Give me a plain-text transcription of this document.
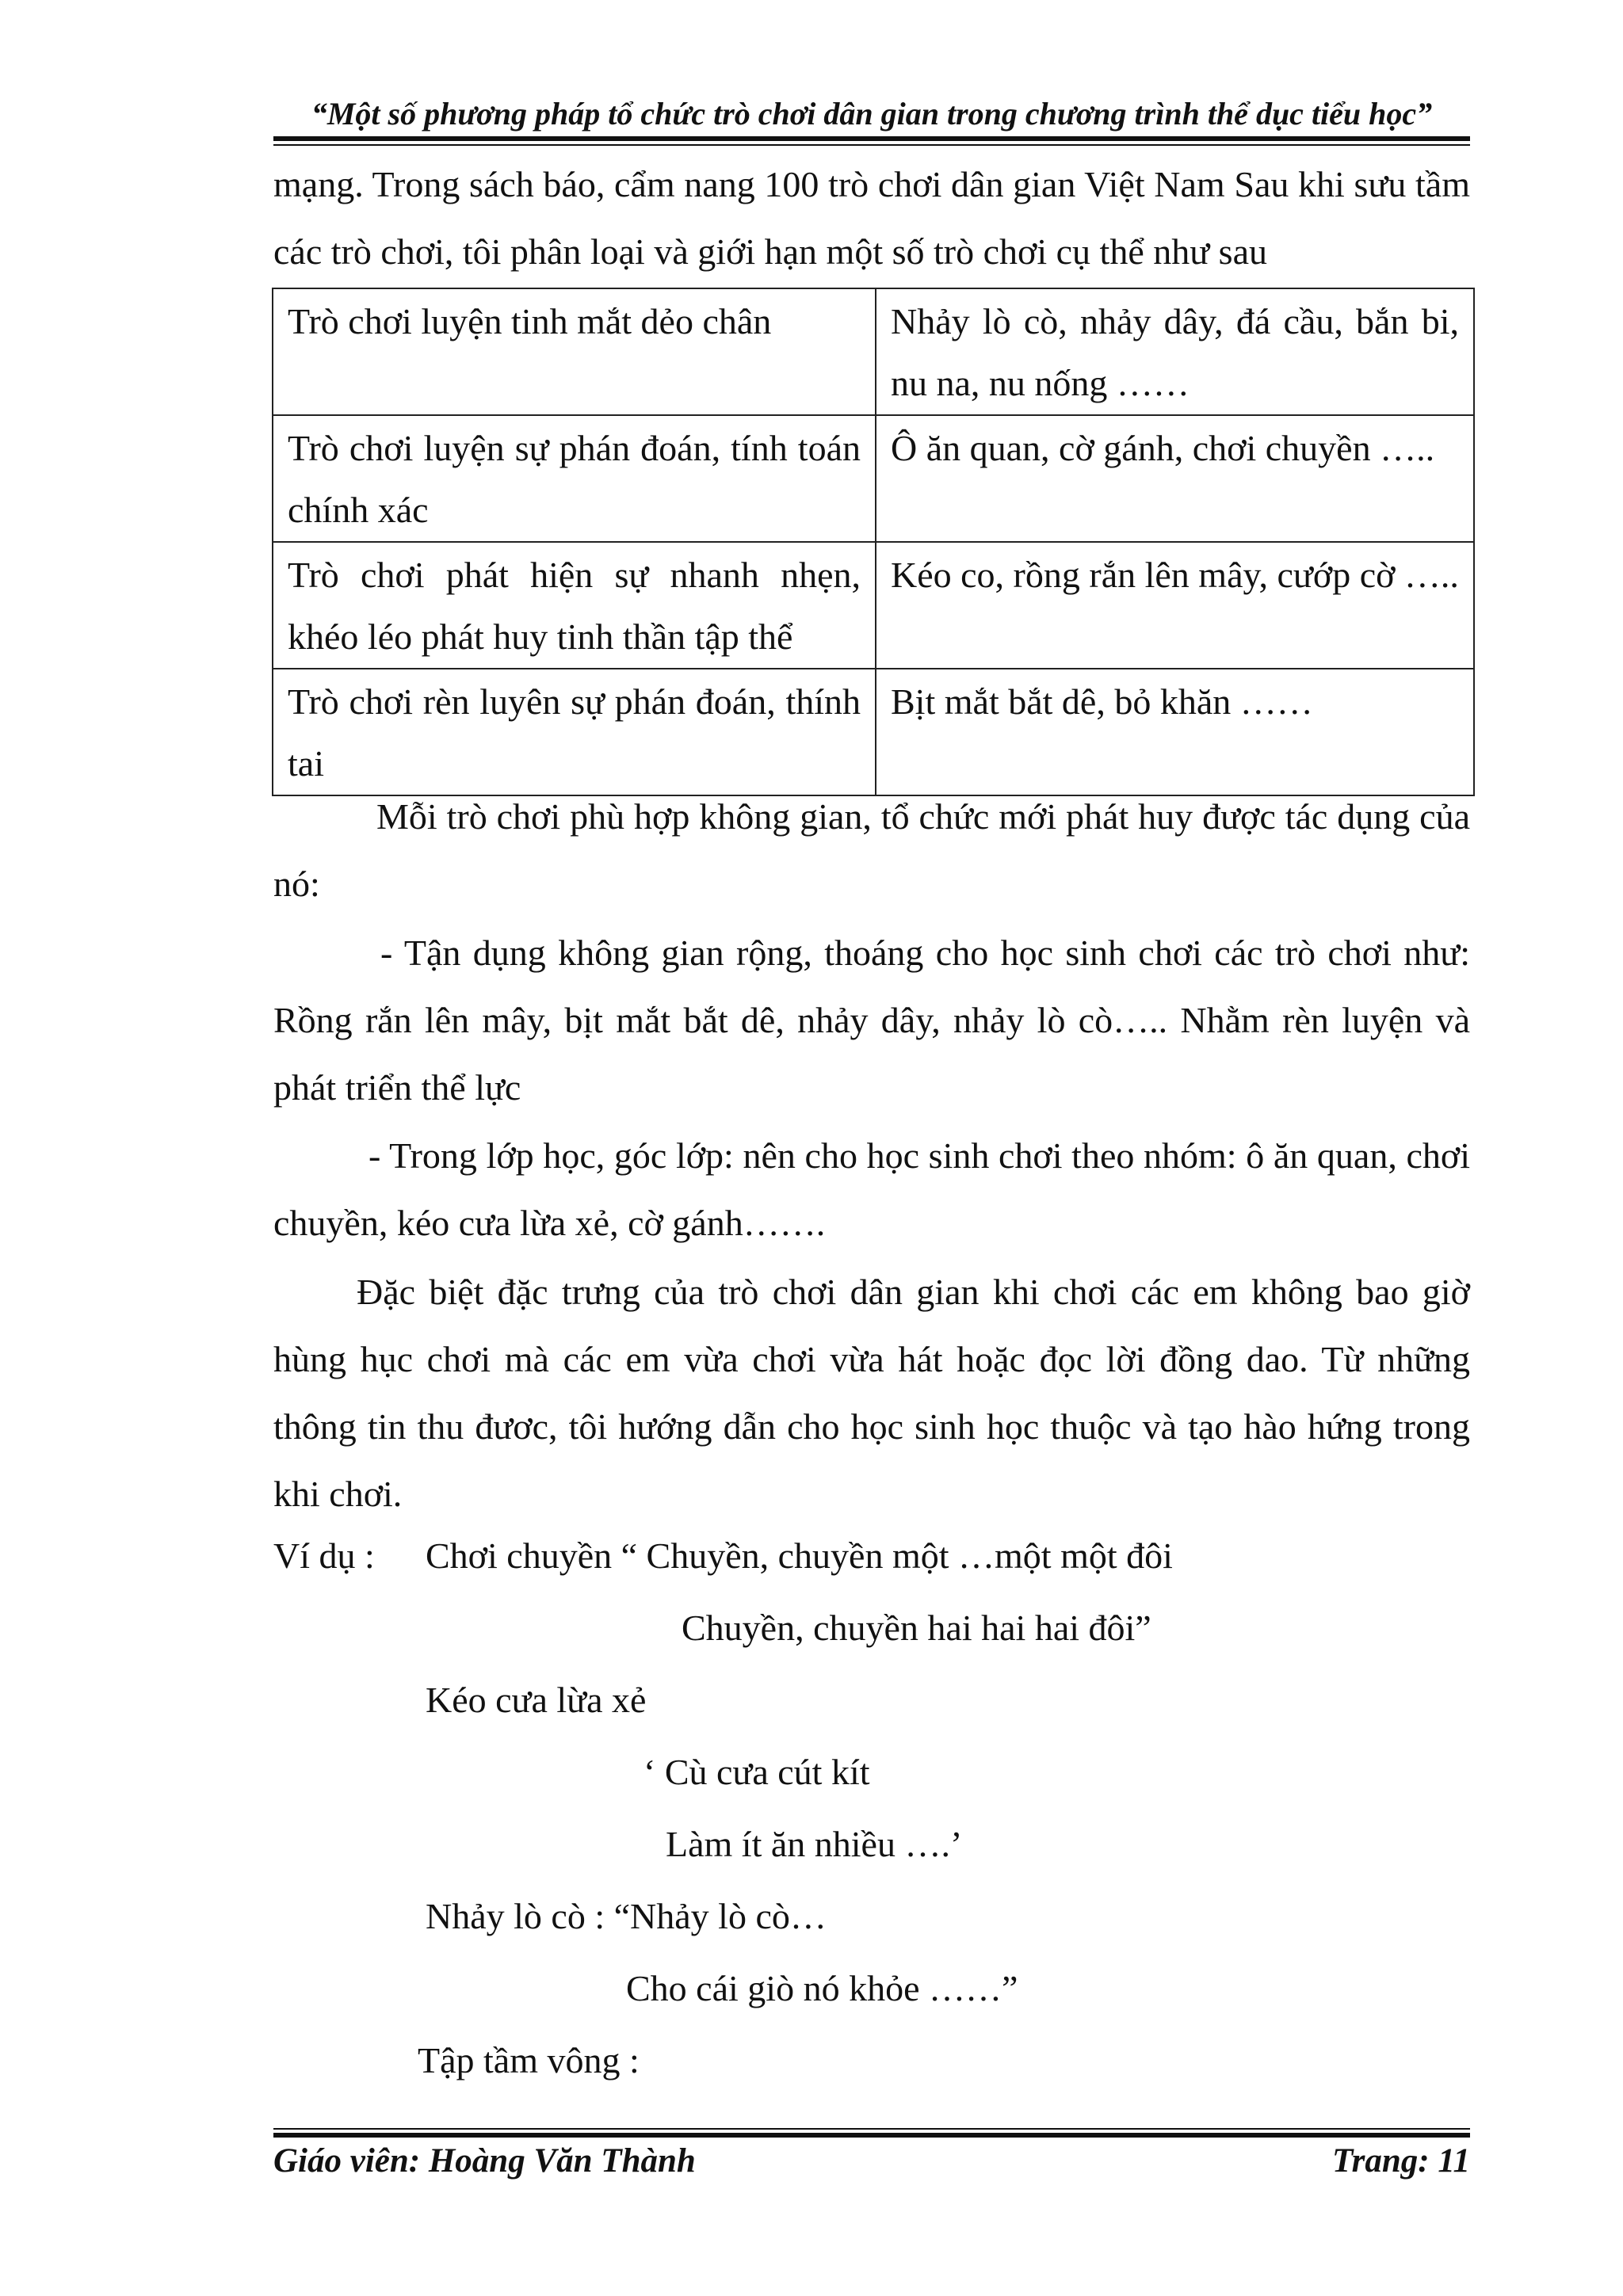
“Một số phương pháp tổ chức trò chơi dân gian trong chương trình thể dục tiểu học”
mạng. Trong sách báo, cẩm nang 100 trò chơi dân gian Việt Nam Sau khi sưu tầm các trò chơi, tôi phân loại và giới hạn một số trò chơi cụ thể như sau
Trò chơi luyện tinh mắt dẻo chân	Nhảy lò cò, nhảy dây, đá cầu, bắn bi, nu na, nu nống ……
Trò chơi luyện sự phán đoán, tính toán chính xác	Ô ăn quan, cờ gánh, chơi chuyền …..
Trò chơi phát hiện sự nhanh nhẹn, khéo léo phát huy tinh thần tập thể	Kéo co, rồng rắn lên mây, cướp cờ …..
Trò chơi rèn luyên sự phán đoán, thính tai	Bịt mắt bắt dê, bỏ khăn ……
Mỗi trò chơi phù hợp không gian, tổ chức mới phát huy được tác dụng của nó:
- Tận dụng không gian rộng, thoáng cho học sinh chơi các trò chơi như: Rồng rắn lên mây, bịt mắt bắt dê, nhảy dây, nhảy lò cò….. Nhằm rèn luyện và phát triển thể lực
- Trong lớp học, góc lớp: nên cho học sinh chơi theo nhóm: ô ăn quan, chơi chuyền, kéo cưa lừa xẻ, cờ gánh…….
Đặc biệt đặc trưng của trò chơi dân gian khi chơi các em không bao giờ hùng hục chơi mà các em vừa chơi vừa hát hoặc đọc lời đồng dao. Từ những thông tin thu đươc, tôi hướng dẫn cho học sinh học thuộc và tạo hào hứng trong khi chơi.
Ví dụ : Chơi chuyền “ Chuyền, chuyền một …một một đôi
Chuyền, chuyền hai hai hai đôi”
Kéo cưa lừa xẻ
‘ Cù cưa cút kít
Làm ít ăn nhiều ….’
Nhảy lò cò : “Nhảy lò cò…
Cho cái giò nó khỏe ……”
Tập tầm vông :
Giáo viên: Hoàng Văn Thành	Trang: 11
